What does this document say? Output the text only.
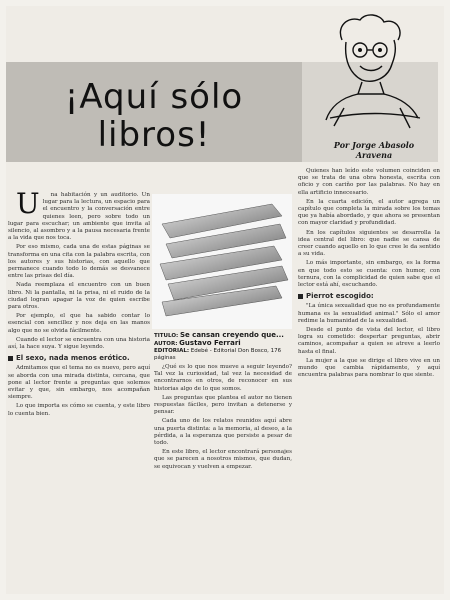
¡Aquí sólo libros!	Por Jorge Abasolo Aravena

U na habitación y un auditorio. Un lugar para la lectura, un espacio para el encuentro y la conversación entre quienes leen, pero sobre todo un lugar para escuchar; un ambiente que invita al silencio, al asombro y a la pausa necesaria frente a la vida que nos toca.

Por eso mismo, cada una de estas páginas se transforma en una cita con la palabra escrita, con los autores y sus historias, con aquello que permanece cuando todo lo demás se desvanece entre las prisas del día.

Nada reemplaza el encuentro con un buen libro. Ni la pantalla, ni la prisa, ni el ruido de la ciudad logran apagar la voz de quien escribe para otros.

Por ejemplo, el que ha sabido contar lo esencial con sencillez y nos deja en las manos algo que no se olvida fácilmente.

Cuando el lector se encuentra con una historia así, la hace suya. Y sigue leyendo.

El sexo, nada menos erótico.

Admitamos que el tema no es nuevo, pero aquí se aborda con una mirada distinta, cercana, que pone al lector frente a preguntas que solemos evitar y que, sin embargo, nos acompañan siempre.

Lo que importa es cómo se cuenta, y este libro lo cuenta bien.

TITULO: Se cansan creyendo que...
AUTOR: Gustavo Ferrari
EDITORIAL: Edebé - Editorial Don Bosco, 176 páginas

¿Qué es lo que nos mueve a seguir leyendo? Tal vez la curiosidad, tal vez la necesidad de encontrarnos en otros, de reconocer en sus historias algo de lo que somos.

Las preguntas que plantea el autor no tienen respuestas fáciles, pero invitan a detenerse y pensar.

Cada uno de los relatos reunidos aquí abre una puerta distinta: a la memoria, al deseo, a la pérdida, a la esperanza que persiste a pesar de todo.

En este libro, el lector encontrará personajes que se parecen a nosotros mismos, que dudan, se equivocan y vuelven a empezar.

Quienes han leído este volumen coinciden en que se trata de una obra honesta, escrita con oficio y con cariño por las palabras. No hay en ella artificio innecesario.

En la cuarta edición, el autor agrega un capítulo que completa la mirada sobre los temas que ya había abordado, y que ahora se presentan con mayor claridad y profundidad.

En los capítulos siguientes se desarrolla la idea central del libro: que nadie se cansa de creer cuando aquello en lo que cree le da sentido a su vida.

Lo más importante, sin embargo, es la forma en que todo esto se cuenta: con humor, con ternura, con la complicidad de quien sabe que el lector está ahí, escuchando.

Pierrot escogido:

"La única sexualidad que no es profundamente humana es la sexualidad animal." Sólo el amor redime la humanidad de la sexualidad.

Desde el punto de vista del lector, el libro logra su cometido: despertar preguntas, abrir caminos, acompañar a quien se atreve a leerlo hasta el final.

La mujer a la que se dirige el libro vive en un mundo que cambia rápidamente, y aquí encuentra palabras para nombrar lo que siente.
